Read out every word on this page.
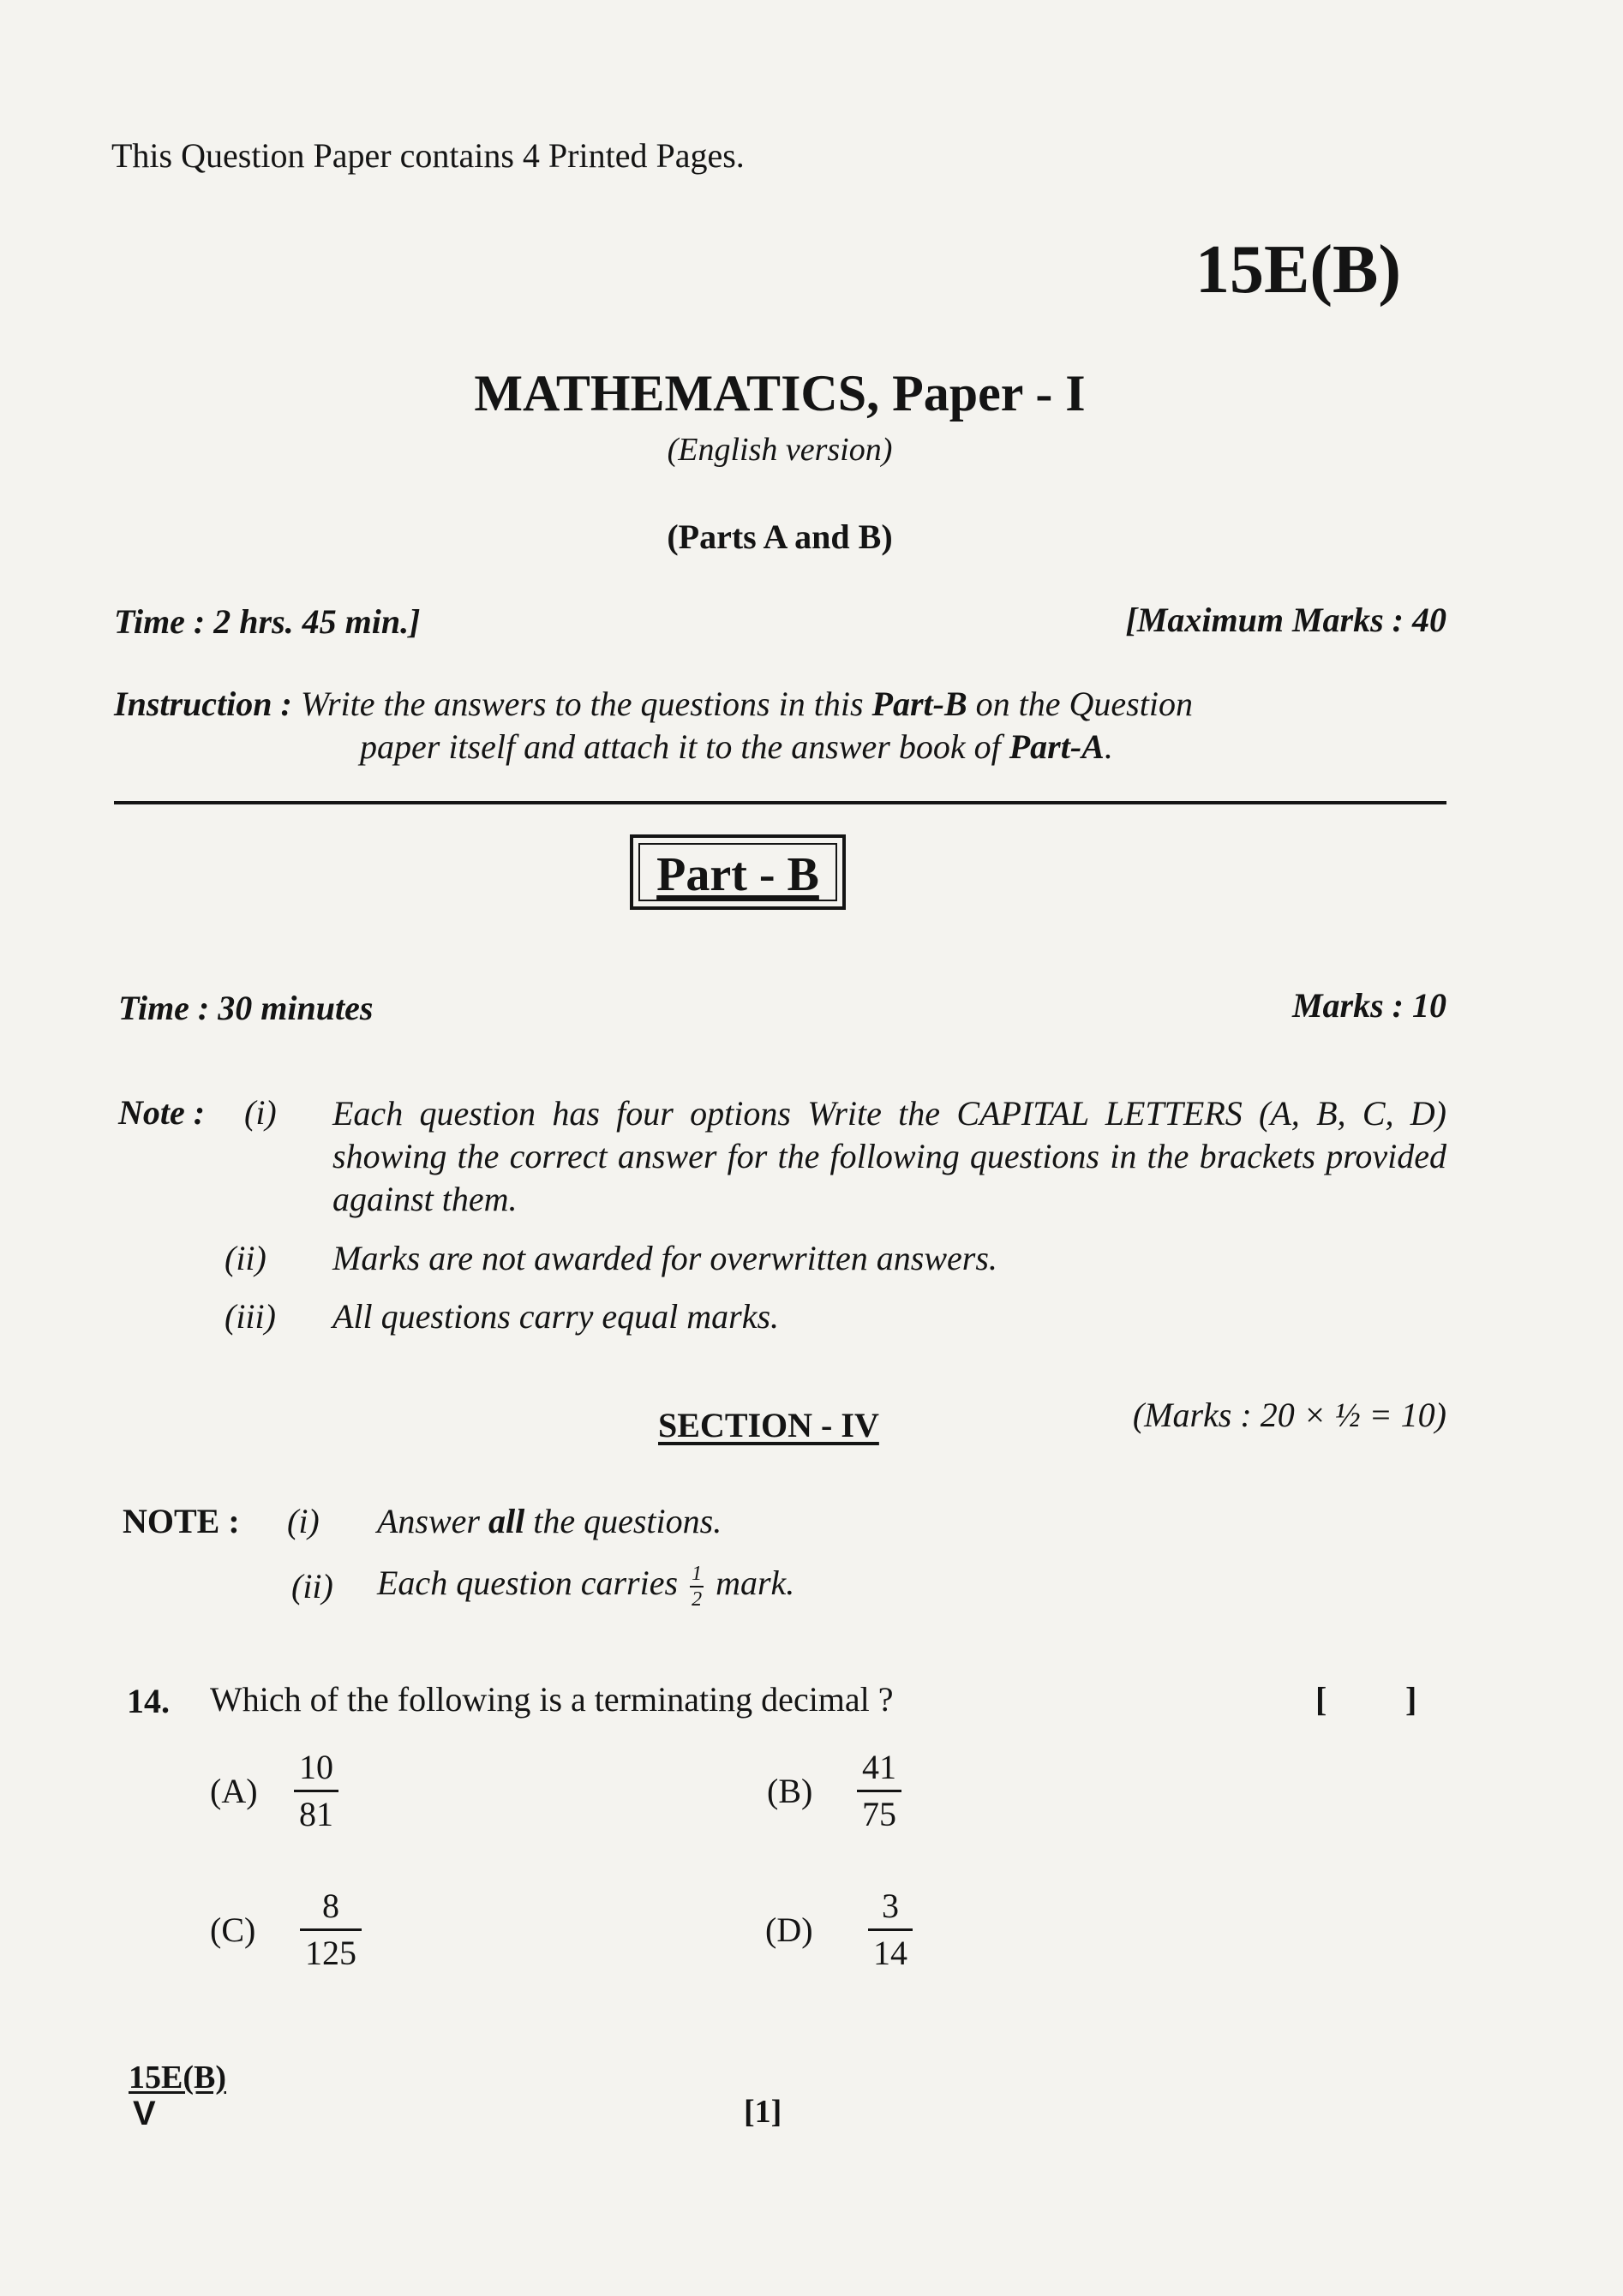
This Question Paper contains 4 Printed Pages.
15E(B)
MATHEMATICS, Paper - I
(English version)
(Parts A and B)
Time : 2 hrs. 45 min.]	[Maximum Marks : 40
Instruction : Write the answers to the questions in this Part-B on the Question
paper itself and attach it to the answer book of Part-A.
Part - B
Time : 30 minutes	Marks : 10
Note : (i) Each question has four options Write the CAPITAL LETTERS (A, B, C, D) showing the correct answer for the following questions in the brackets provided against them.
(ii) Marks are not awarded for overwritten answers.
(iii) All questions carry equal marks.
SECTION - IV	(Marks : 20 × ½ = 10)
NOTE : (i) Answer all the questions.
(ii) Each question carries $\frac{1}{2}$ mark.
14. Which of the following is a terminating decimal ?	[ ]
(A)	$\frac{10}{81}$	(B)	$\frac{41}{75}$
(C)	$\frac{8}{125}$	(D)	$\frac{3}{14}$
15E(B)
V	[1]
